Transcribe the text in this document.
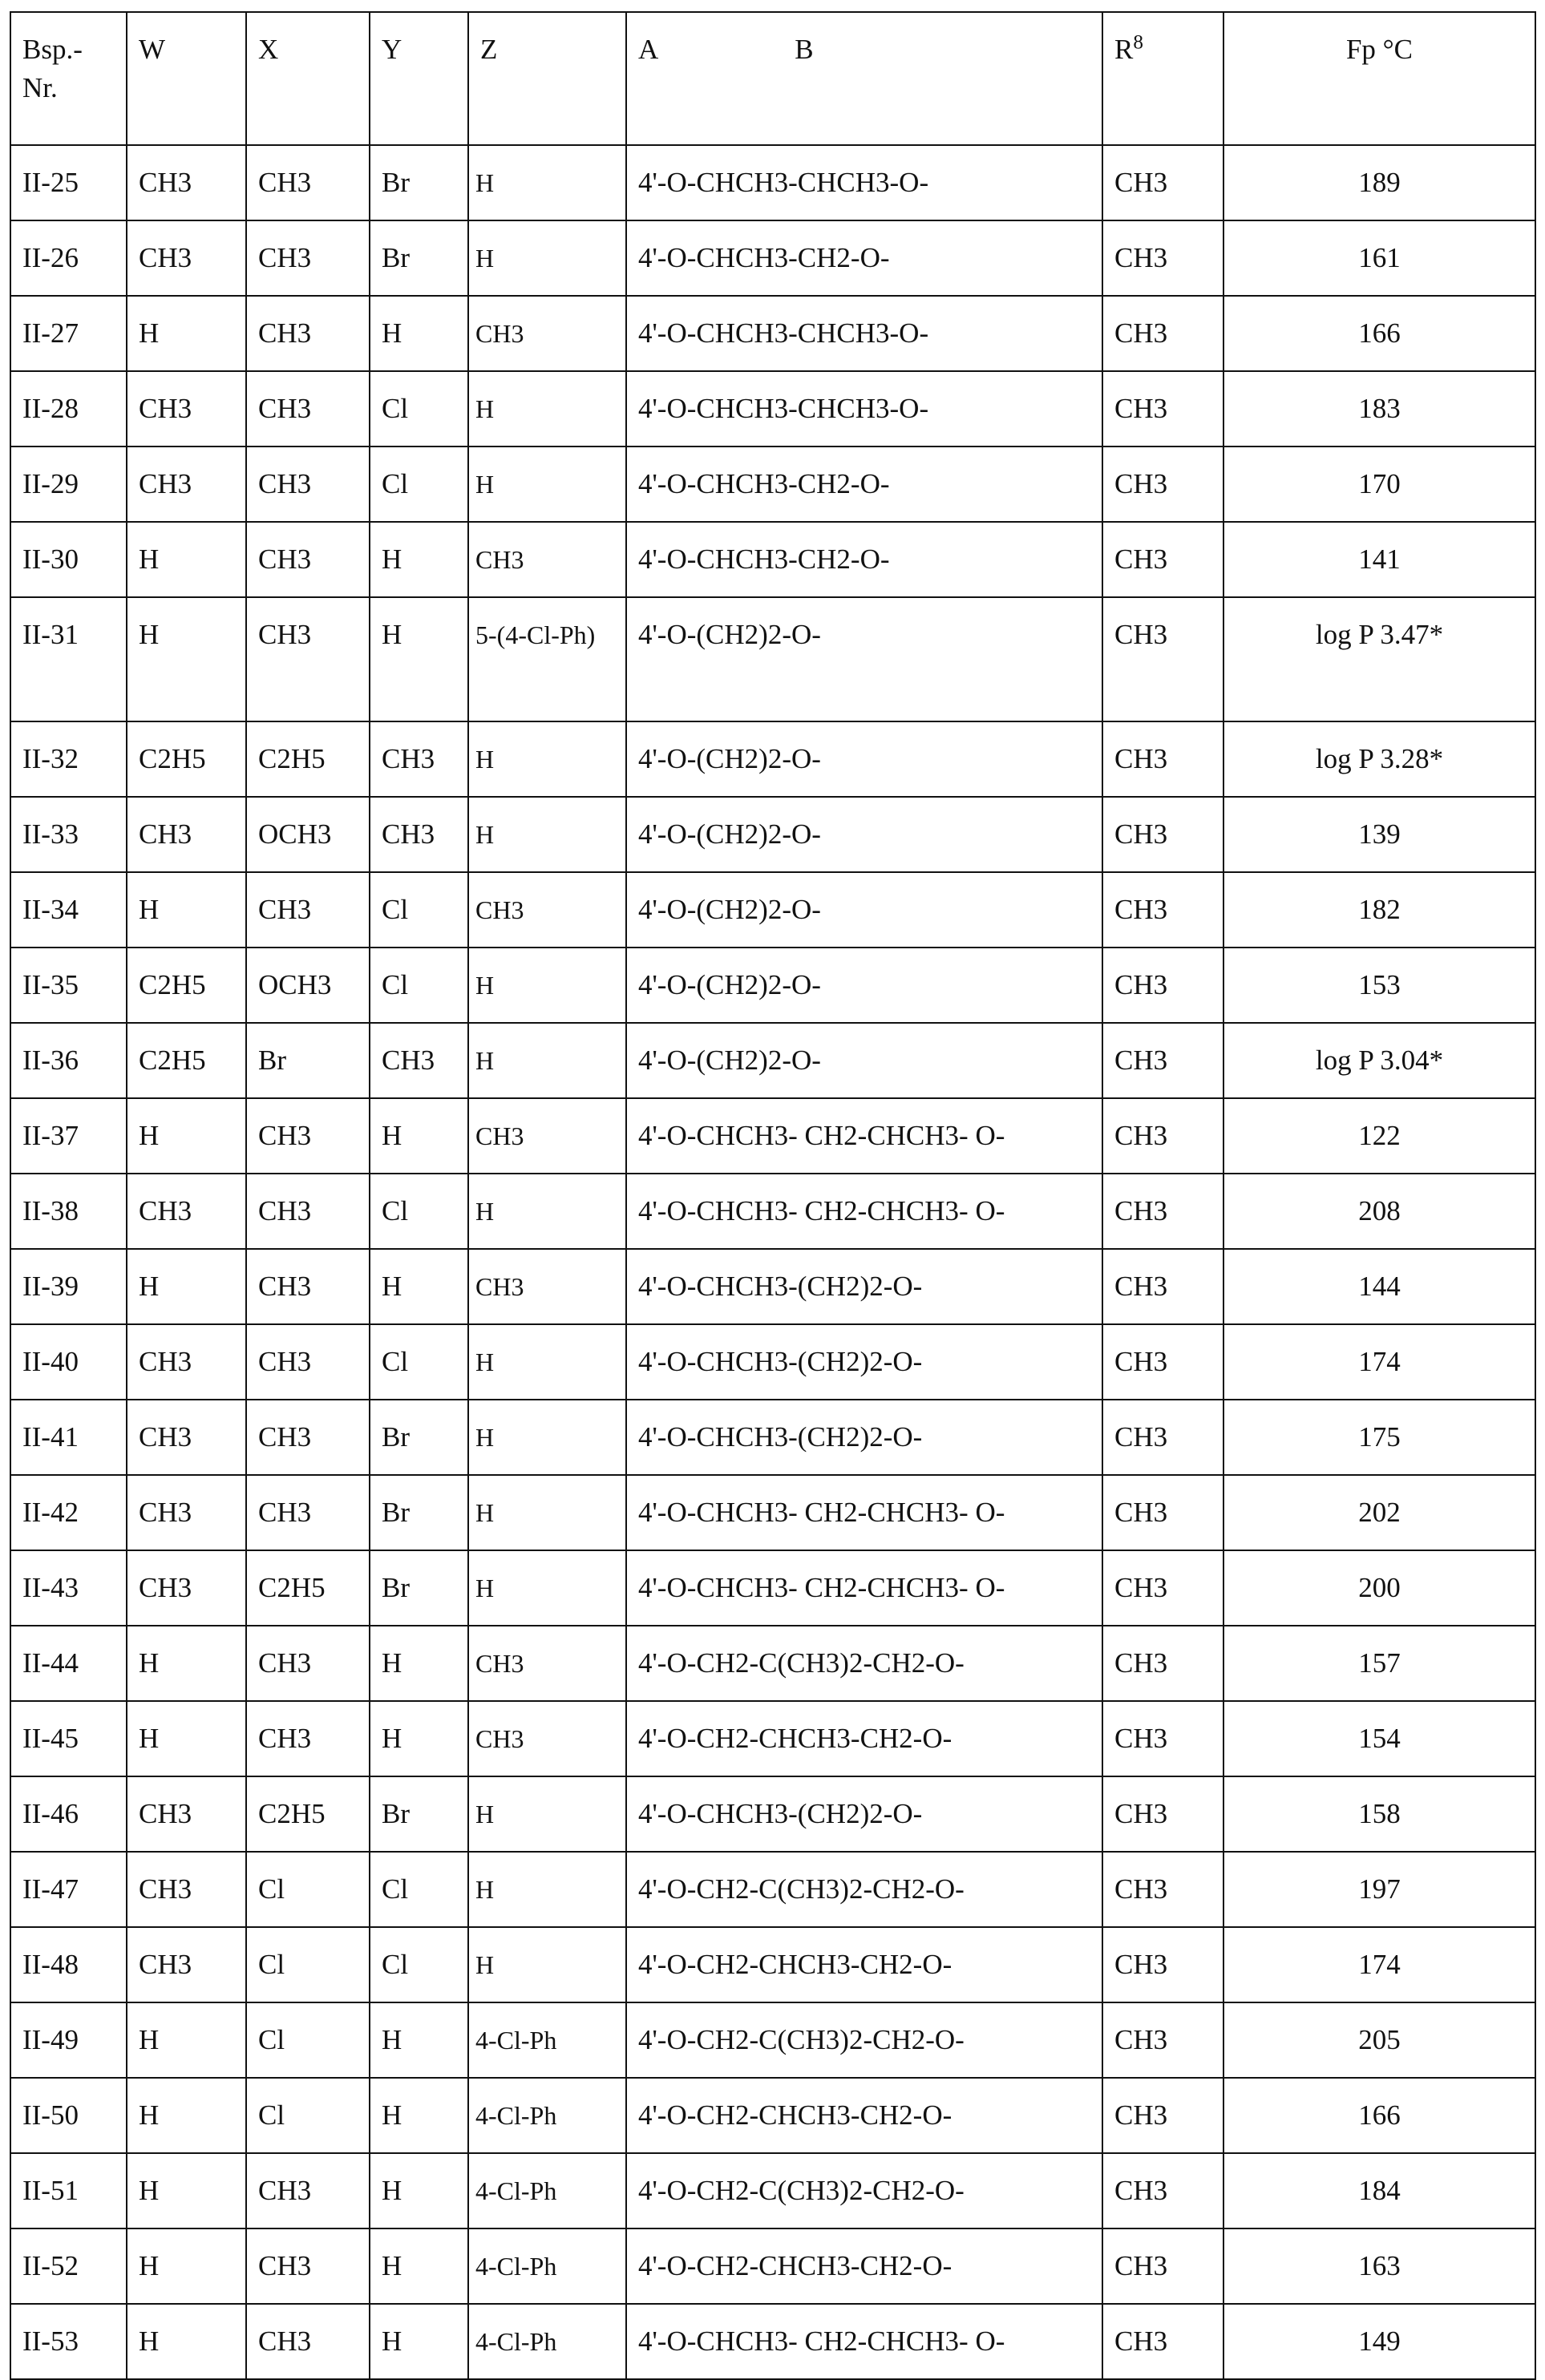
Bsp.-
Nr.	W	X	Y	Z	A	B	R8	Fp °C
II-25	CH3	CH3	Br	H	4'-O-CHCH3-CHCH3-O-	CH3	189
II-26	CH3	CH3	Br	H	4'-O-CHCH3-CH2-O-	CH3	161
II-27	H	CH3	H	CH3	4'-O-CHCH3-CHCH3-O-	CH3	166
II-28	CH3	CH3	Cl	H	4'-O-CHCH3-CHCH3-O-	CH3	183
II-29	CH3	CH3	Cl	H	4'-O-CHCH3-CH2-O-	CH3	170
II-30	H	CH3	H	CH3	4'-O-CHCH3-CH2-O-	CH3	141
II-31	H	CH3	H	5-(4-Cl-Ph)	4'-O-(CH2)2-O-	CH3	log P 3.47*
II-32	C2H5	C2H5	CH3	H	4'-O-(CH2)2-O-	CH3	log P 3.28*
II-33	CH3	OCH3	CH3	H	4'-O-(CH2)2-O-	CH3	139
II-34	H	CH3	Cl	CH3	4'-O-(CH2)2-O-	CH3	182
II-35	C2H5	OCH3	Cl	H	4'-O-(CH2)2-O-	CH3	153
II-36	C2H5	Br	CH3	H	4'-O-(CH2)2-O-	CH3	log P 3.04*
II-37	H	CH3	H	CH3	4'-O-CHCH3- CH2-CHCH3- O-	CH3	122
II-38	CH3	CH3	Cl	H	4'-O-CHCH3- CH2-CHCH3- O-	CH3	208
II-39	H	CH3	H	CH3	4'-O-CHCH3-(CH2)2-O-	CH3	144
II-40	CH3	CH3	Cl	H	4'-O-CHCH3-(CH2)2-O-	CH3	174
II-41	CH3	CH3	Br	H	4'-O-CHCH3-(CH2)2-O-	CH3	175
II-42	CH3	CH3	Br	H	4'-O-CHCH3- CH2-CHCH3- O-	CH3	202
II-43	CH3	C2H5	Br	H	4'-O-CHCH3- CH2-CHCH3- O-	CH3	200
II-44	H	CH3	H	CH3	4'-O-CH2-C(CH3)2-CH2-O-	CH3	157
II-45	H	CH3	H	CH3	4'-O-CH2-CHCH3-CH2-O-	CH3	154
II-46	CH3	C2H5	Br	H	4'-O-CHCH3-(CH2)2-O-	CH3	158
II-47	CH3	Cl	Cl	H	4'-O-CH2-C(CH3)2-CH2-O-	CH3	197
II-48	CH3	Cl	Cl	H	4'-O-CH2-CHCH3-CH2-O-	CH3	174
II-49	H	Cl	H	4-Cl-Ph	4'-O-CH2-C(CH3)2-CH2-O-	CH3	205
II-50	H	Cl	H	4-Cl-Ph	4'-O-CH2-CHCH3-CH2-O-	CH3	166
II-51	H	CH3	H	4-Cl-Ph	4'-O-CH2-C(CH3)2-CH2-O-	CH3	184
II-52	H	CH3	H	4-Cl-Ph	4'-O-CH2-CHCH3-CH2-O-	CH3	163
II-53	H	CH3	H	4-Cl-Ph	4'-O-CHCH3- CH2-CHCH3- O-	CH3	149
